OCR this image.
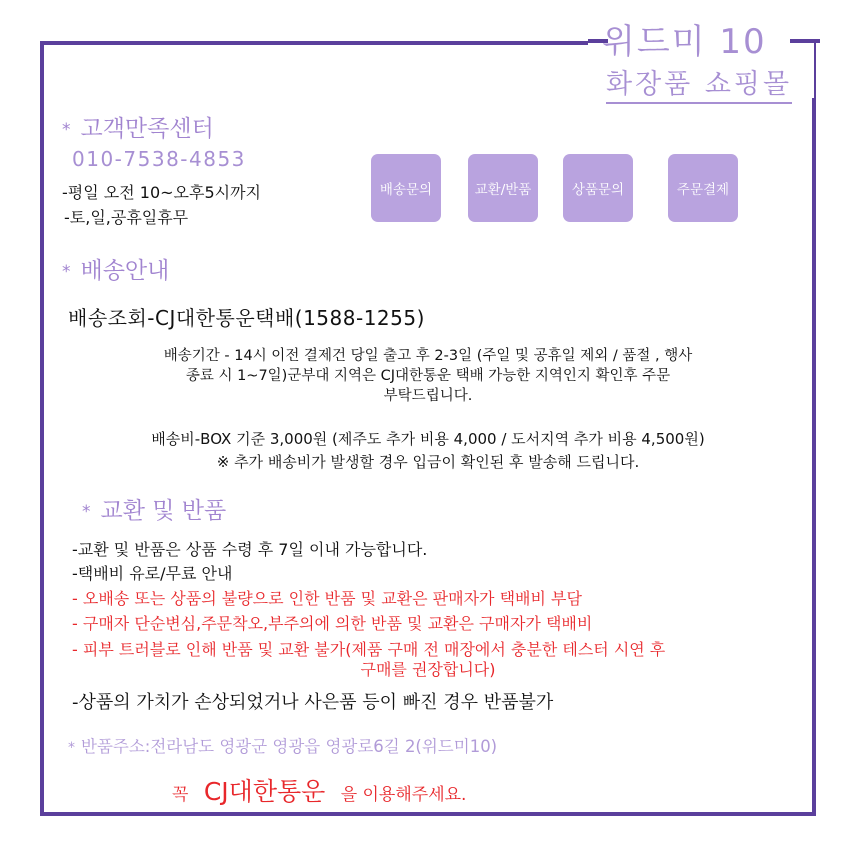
위드미 10
화장품 쇼핑몰
* 고객만족센터
010-7538-4853
-평일 오전 10~오후5시까지
-토,일,공휴일휴무
배송문의	교환/반품	상품문의	주문결제
* 배송안내
배송조회-CJ대한통운택배(1588-1255)
배송기간 - 14시 이전 결제건 당일 출고 후 2-3일 (주일 및 공휴일 제외 / 품절 , 행사
종료 시 1~7일)군부대 지역은 CJ대한통운 택배 가능한 지역인지 확인후 주문
부탁드립니다.
배송비-BOX 기준 3,000원 (제주도 추가 비용 4,000 / 도서지역 추가 비용 4,500원)
※ 추가 배송비가 발생할 경우 입금이 확인된 후 발송해 드립니다.
* 교환 및 반품
-교환 및 반품은 상품 수령 후 7일 이내 가능합니다.
-택배비 유로/무료 안내
- 오배송 또는 상품의 불량으로 인한 반품 및 교환은 판매자가 택배비 부담
- 구매자 단순변심,주문착오,부주의에 의한 반품 및 교환은 구매자가 택배비
- 피부 트러블로 인해 반품 및 교환 불가(제품 구매 전 매장에서 충분한 테스터 시연 후
구매를 권장합니다)
-상품의 가치가 손상되었거나 사은품 등이 빠진 경우 반품불가
* 반품주소:전라남도 영광군 영광읍 영광로6길 2(위드미10)
꼭 CJ대한통운 을 이용해주세요.
